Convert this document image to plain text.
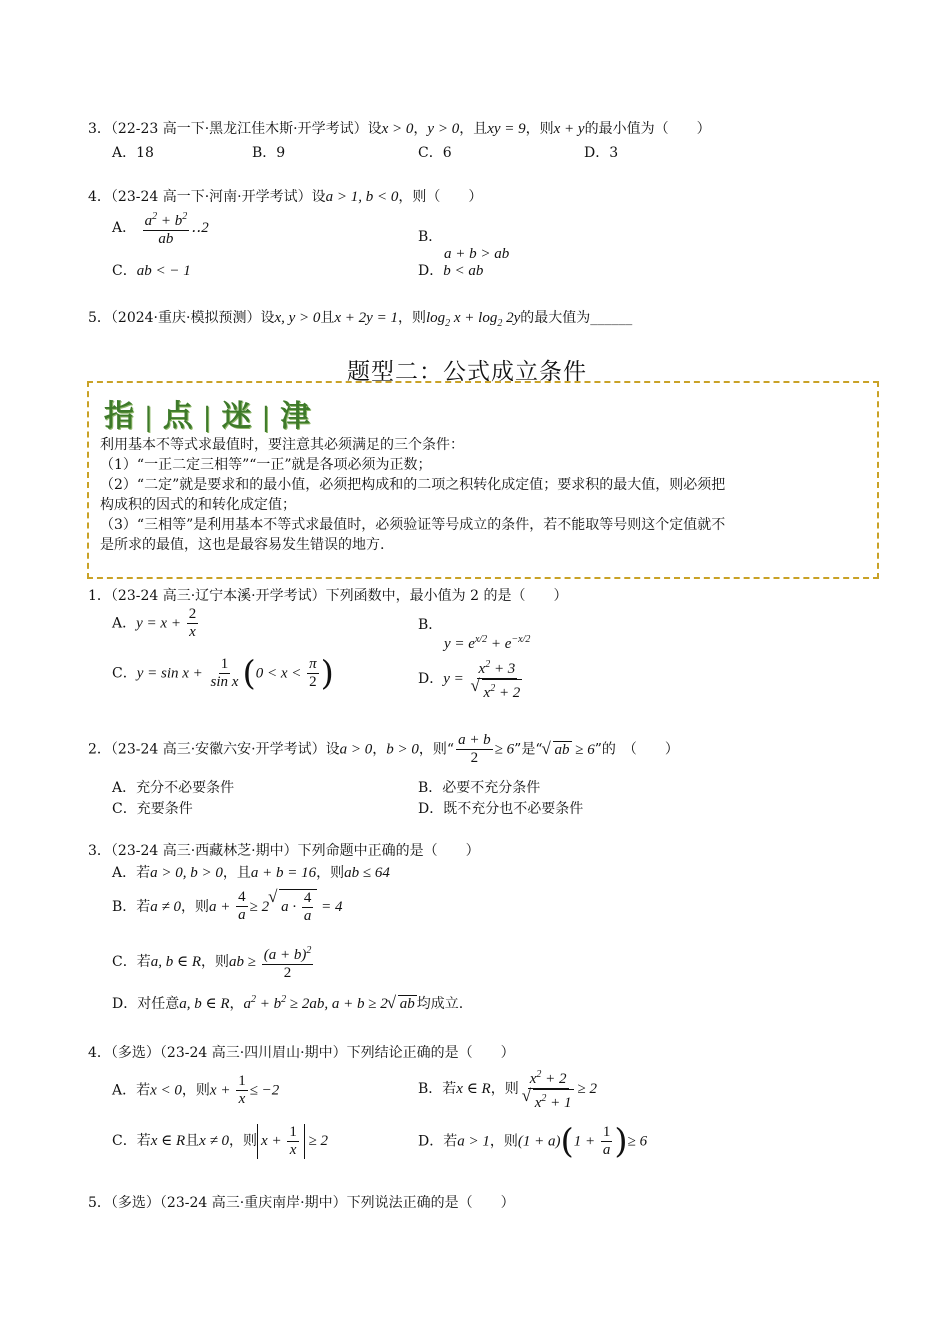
3．（22-23 高一下·黑龙江佳木斯·开学考试）设x > 0，y > 0，且xy = 9，则x + y的最小值为（　　）
A．18	B．9	C．6	D．3
4．（23-24 高一下·河南·开学考试）设a > 1, b < 0，则（　　）
A． $\frac{a^2 + b^2}{ab}$ ‥2
B．
a + b > ab
C．ab < − 1	D．b < ab
5．（2024·重庆·模拟预测）设x, y > 0且x + 2y = 1，则$\log_2 x + \log_2 2y$的最大值为______
题型二：公式成立条件
指 | 点 | 迷 | 津
利用基本不等式求最值时，要注意其必须满足的三个条件：
（1）“一正二定三相等”“一正”就是各项必须为正数；
（2）“二定”就是要求和的最小值，必须把构成和的二项之积转化成定值；要求积的最大值，则必须把
构成积的因式的和转化成定值；
（3）“三相等”是利用基本不等式求最值时，必须验证等号成立的条件，若不能取等号则这个定值就不
是所求的最值，这也是最容易发生错误的地方.
1．（23-24 高三·辽宁本溪·开学考试）下列函数中，最小值为 2 的是（　　）
A．$y = x + \frac{2}{x}$	B．
$y = e^{x/2} + e^{-x/2}$
C．$y = \sin x + \frac{1}{\text{sin x}} (0 < x < \frac{\pi}{2}$ )	D．$y = x^2 + 3$
√ $x^2 + 2$
2．（23-24 高三·安徽六安·开学考试）设a > 0，b > 0，则“ $\frac{a + b}{2} \ge 6$”是“√ ab ≥ 6”的　（　　）
A．充分不必要条件	B．必要不充分条件
C．充要条件	D．既不充分也不必要条件
3．（23-24 高三·西藏林芝·期中）下列命题中正确的是（　　）
A．若a > 0, b > 0，且a + b = 16，则ab ≤ 64
B．若a ≠ 0，则$a + \frac{4}{a} \ge 2√$ $a \cdot \frac{4}{a} = 4$
C．若a, b ∈ R，则ab ≥ $\frac{(a + b)^2}{2}$
D．对任意a, b ∈ R，$a^2 + b^2 \ge 2ab$, a + b ≥ 2√ ab 均成立.
4．（多选）（23-24 高三·四川眉山·期中）下列结论正确的是（　　）
A．若x < 0，则$x + \frac{1}{x} \le -2$	B．若x ∈ R，则 $x^2 + 2$
√ $x^2 + 1 \ge 2$
C．若x ∈ R且x ≠ 0，则 $x + \frac{1}{x} \ge 2$	D．若a > 1，则$(1 + a)(1 + \frac{1}{a}$ )≥ 6
5．（多选）（23-24 高三·重庆南岸·期中）下列说法正确的是（　　）
